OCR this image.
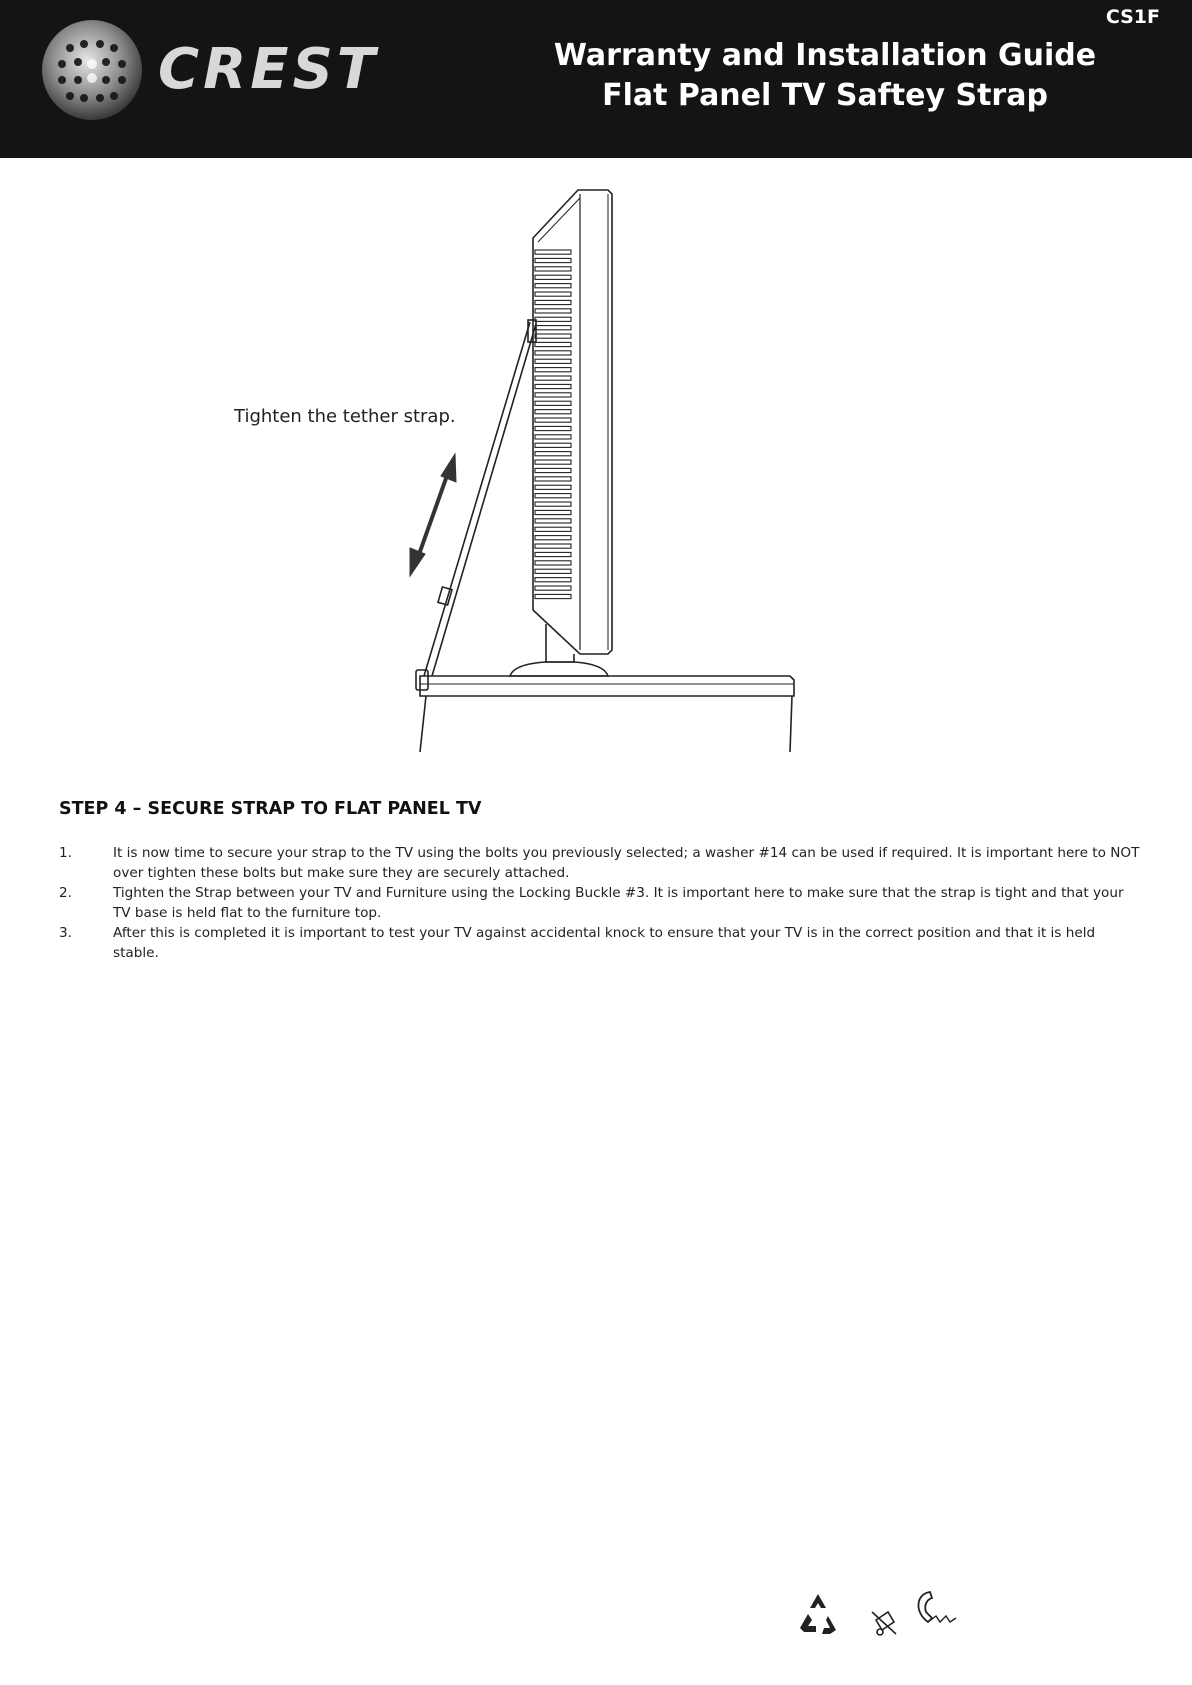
CREST
CS1F
Warranty and Installation Guide
Flat Panel TV Saftey Strap
Tighten the tether strap.
STEP 4 – SECURE STRAP TO FLAT PANEL TV
1.	It is now time to secure your strap to the TV using the bolts you previously selected; a washer #14 can be used if required. It is important here to NOT over tighten these bolts but make sure they are securely attached.
2.	Tighten the Strap between your TV and Furniture using the Locking Buckle #3. It is important here to make sure that the strap is tight and that your TV base is held flat to the furniture top.
3.	After this is completed it is important to test your TV against accidental knock to ensure that your TV is in the correct position and that it is held stable.
